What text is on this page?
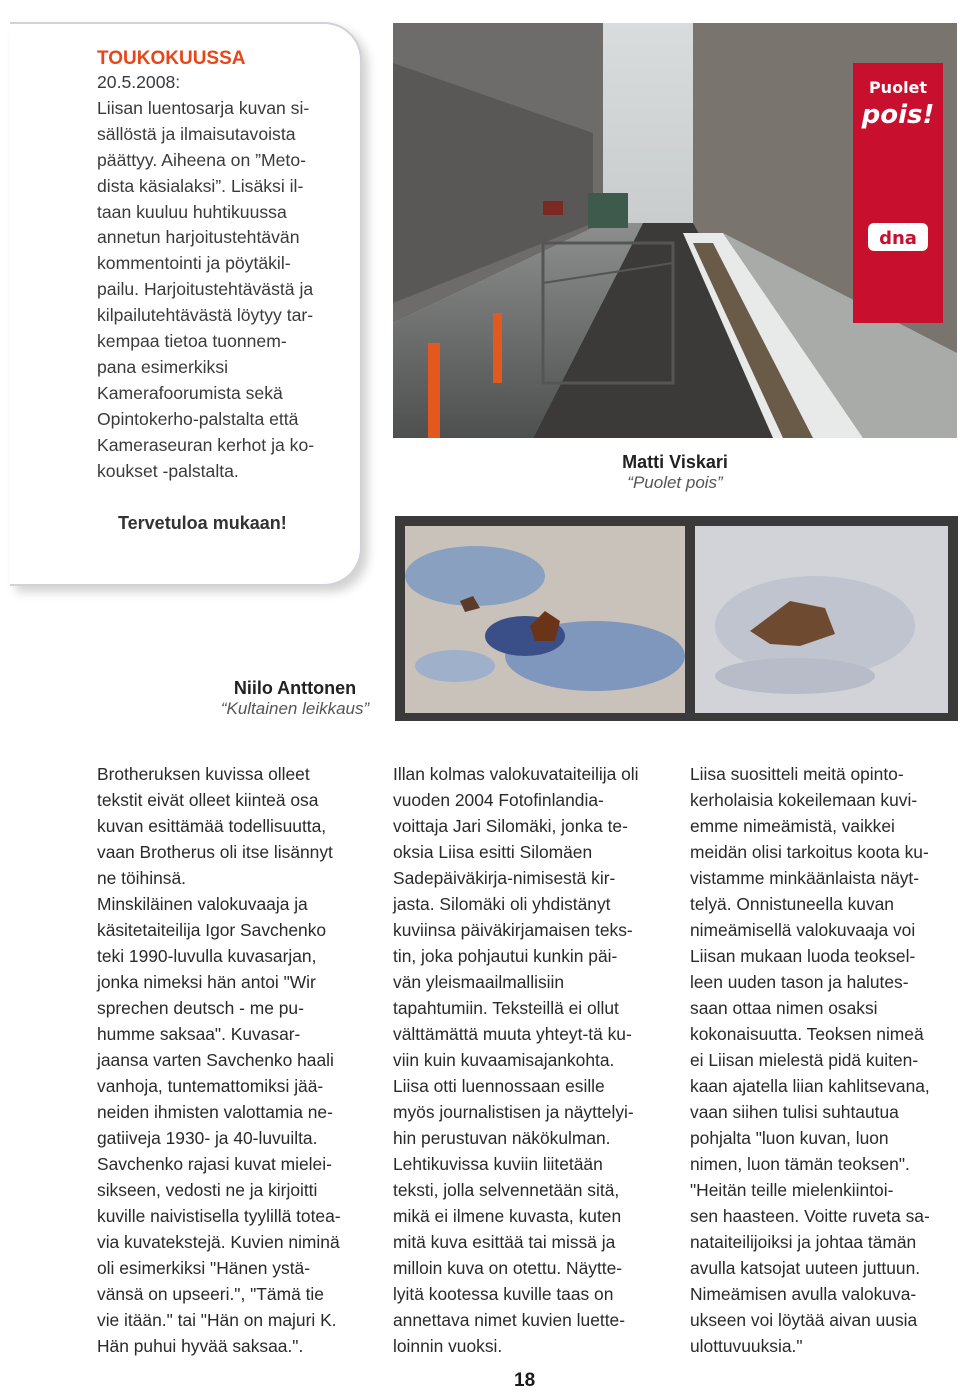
TOUKOKUUSSA
20.5.2008:
Liisan luentosarja kuvan si-
sällöstä ja ilmaisutavoista
päättyy. Aiheena on ”Meto-
dista käsialaksi”. Lisäksi il-
taan kuuluu huhtikuussa
annetun harjoitustehtävän
kommentointi ja pöytäkil-
pailu. Harjoitustehtävästä ja
kilpailutehtävästä löytyy tar-
kempaa tietoa tuonnem-
pana esimerkiksi
Kamerafoorumista sekä
Opintokerho-palstalta että
Kameraseuran kerhot ja ko-
koukset -palstalta.
Tervetuloa mukaan!
Puolet
pois!
dna
Matti Viskari
“Puolet pois”
Niilo Anttonen
“Kultainen leikkaus”
Brotheruksen kuvissa olleet
tekstit eivät olleet kiinteä osa
kuvan esittämää todellisuutta,
vaan Brotherus oli itse lisännyt
ne töihinsä.
Minskiläinen valokuvaaja ja
käsitetaiteilija Igor Savchenko
teki 1990-luvulla kuvasarjan,
jonka nimeksi hän antoi "Wir
sprechen deutsch - me pu-
humme saksaa". Kuvasar-
jaansa varten Savchenko haali
vanhoja, tuntemattomiksi jää-
neiden ihmisten valottamia ne-
gatiiveja 1930- ja 40-luvuilta.
Savchenko rajasi kuvat mielei-
sikseen, vedosti ne ja kirjoitti
kuville naivistisella tyylillä totea-
via kuvatekstejä. Kuvien niminä
oli esimerkiksi "Hänen ystä-
vänsä on upseeri.", "Tämä tie
vie itään." tai "Hän on majuri K.
Hän puhui hyvää saksaa.".
Illan kolmas valokuvataiteilija oli
vuoden 2004 Fotofinlandia-
voittaja Jari Silomäki, jonka te-
oksia Liisa esitti Silomäen
Sadepäiväkirja-nimisestä kir-
jasta. Silomäki oli yhdistänyt
kuviinsa päiväkirjamaisen teks-
tin, joka pohjautui kunkin päi-
vän yleismaailmallisiin
tapahtumiin. Teksteillä ei ollut
välttämättä muuta yhteyt-tä ku-
viin kuin kuvaamisajankohta.
Liisa otti luennossaan esille
myös journalistisen ja näyttelyi-
hin perustuvan näkökulman.
Lehtikuvissa kuviin liitetään
teksti, jolla selvennetään sitä,
mikä ei ilmene kuvasta, kuten
mitä kuva esittää tai missä ja
milloin kuva on otettu. Näytte-
lyitä kootessa kuville taas on
annettava nimet kuvien luette-
loinnin vuoksi.
Liisa suositteli meitä opinto-
kerholaisia kokeilemaan kuvi-
emme nimeämistä, vaikkei
meidän olisi tarkoitus koota ku-
vistamme minkäänlaista näyt-
telyä. Onnistuneella kuvan
nimeämisellä valokuvaaja voi
Liisan mukaan luoda teoksel-
leen uuden tason ja halutes-
saan ottaa nimen osaksi
kokonaisuutta. Teoksen nimeä
ei Liisan mielestä pidä kuiten-
kaan ajatella liian kahlitsevana,
vaan siihen tulisi suhtautua
pohjalta "luon kuvan, luon
nimen, luon tämän teoksen".
"Heitän teille mielenkiintoi-
sen haasteen. Voitte ruveta sa-
nataiteilijoiksi ja johtaa tämän
avulla katsojat uuteen juttuun.
Nimeämisen avulla valokuva-
ukseen voi löytää aivan uusia
ulottuvuuksia."
18
